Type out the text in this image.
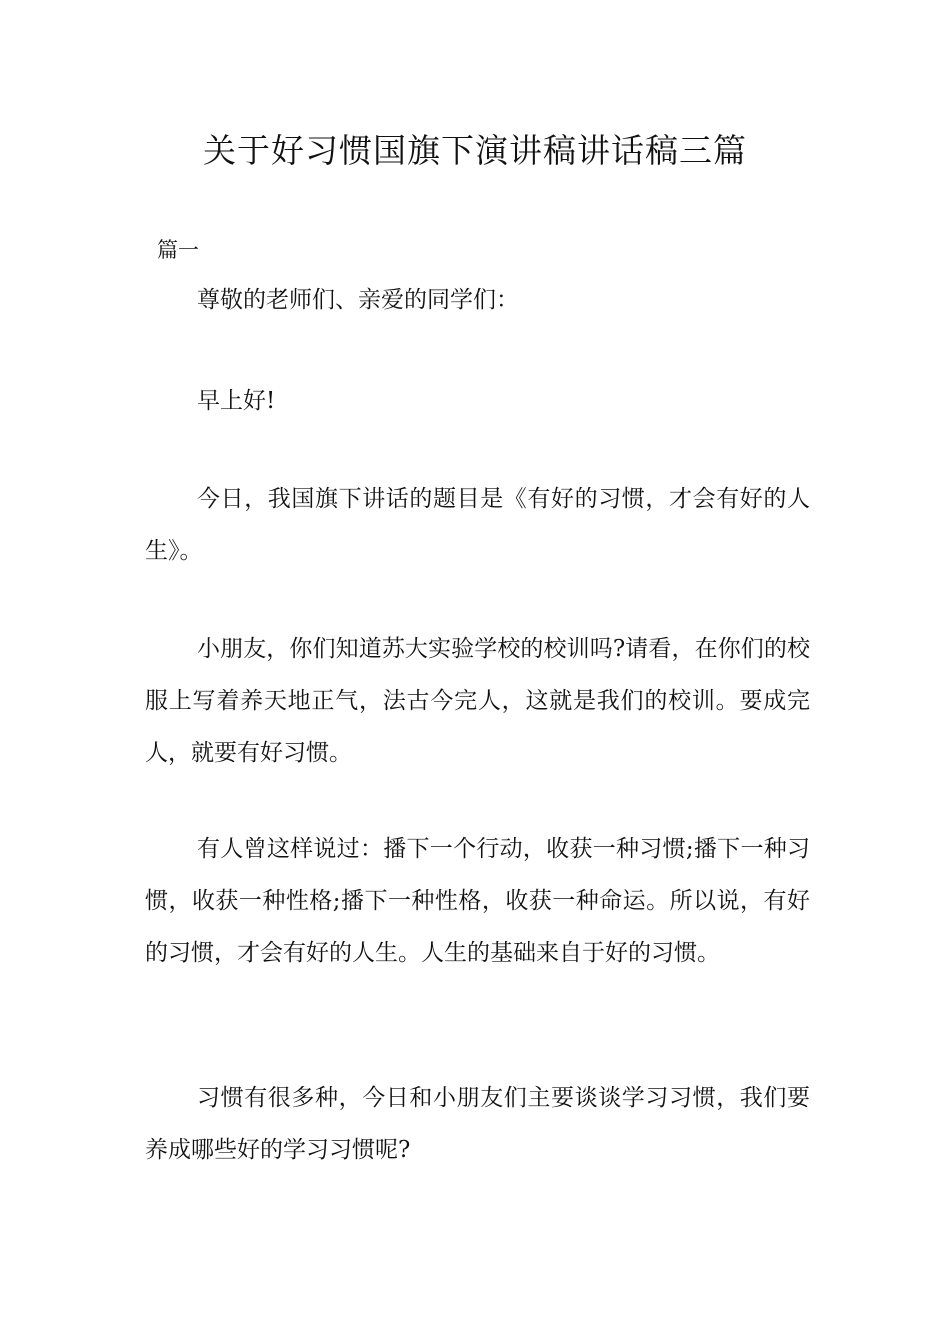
关于好习惯国旗下演讲稿讲话稿三篇

篇一

尊敬的老师们、亲爱的同学们：

早上好!

今日，我国旗下讲话的题目是《有好的习惯，才会有好的人生》。

小朋友，你们知道苏大实验学校的校训吗?请看，在你们的校服上写着养天地正气，法古今完人，这就是我们的校训。要成完人，就要有好习惯。

有人曾这样说过：播下一个行动，收获一种习惯;播下一种习惯，收获一种性格;播下一种性格，收获一种命运。所以说，有好的习惯，才会有好的人生。人生的基础来自于好的习惯。

习惯有很多种，今日和小朋友们主要谈谈学习习惯，我们要养成哪些好的学习习惯呢?
